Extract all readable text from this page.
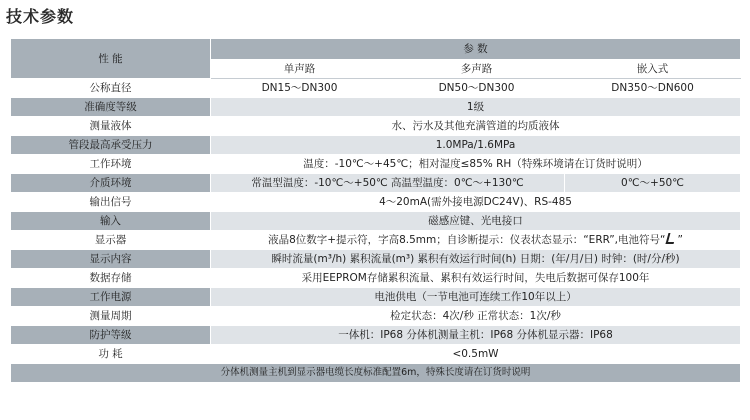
技术参数
性 能	参 数		
	单声路	多声路	嵌入式
公称直径	DN15～DN300	DN50～DN300	DN350～DN600
准确度等级	1级		
测量液体	水、污水及其他充满管道的均质液体		
管段最高承受压力	1.0MPa/1.6MPa		
工作环境	温度：-10℃～+45℃；相对湿度≤85% RH（特殊环境请在订货时说明）		
介质环境	常温型温度：-10℃～+50℃ 高温型温度：0℃～+130℃		0℃～+50℃
输出信号	4～20mA(需外接电源DC24V)、RS-485		
输入	磁感应键、光电接口		
显示器	液晶8位数字+提示符，字高8.5mm；自诊断提示：仪表状态显示：“ERR”,电池符号“ ”		
显示内容	瞬时流量(m³/h) 累积流量(m³) 累积有效运行时间(h) 日期：(年/月/日) 时钟：(时/分/秒)		
数据存储	采用EEPROM存储累积流量、累积有效运行时间，失电后数据可保存100年		
工作电源	电池供电（一节电池可连续工作10年以上）		
测量周期	检定状态：4次/秒 正常状态：1次/秒		
防护等级	一体机：IP68 分体机测量主机：IP68 分体机显示器：IP68		
功 耗	<0.5mW		
分体机测量主机到显示器电缆长度标准配置6m，特殊长度请在订货时说明			
